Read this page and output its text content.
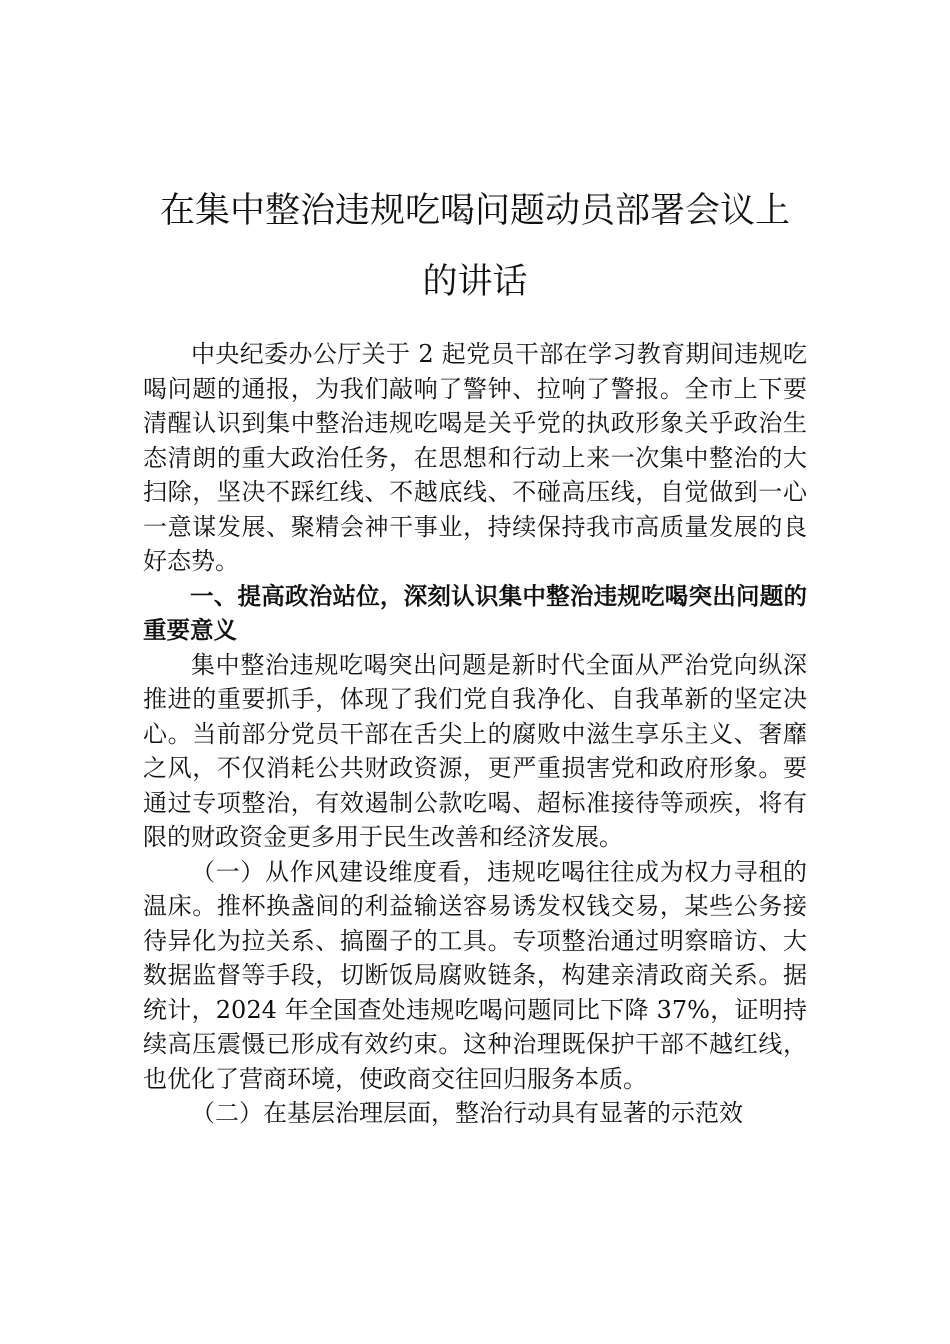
在集中整治违规吃喝问题动员部署会议上
的讲话

中央纪委办公厅关于 2 起党员干部在学习教育期间违规吃喝问题的通报，为我们敲响了警钟、拉响了警报。全市上下要清醒认识到集中整治违规吃喝是关乎党的执政形象关乎政治生态清朗的重大政治任务，在思想和行动上来一次集中整治的大扫除，坚决不踩红线、不越底线、不碰高压线，自觉做到一心一意谋发展、聚精会神干事业，持续保持我市高质量发展的良好态势。

一、提高政治站位，深刻认识集中整治违规吃喝突出问题的重要意义

集中整治违规吃喝突出问题是新时代全面从严治党向纵深推进的重要抓手，体现了我们党自我净化、自我革新的坚定决心。当前部分党员干部在舌尖上的腐败中滋生享乐主义、奢靡之风，不仅消耗公共财政资源，更严重损害党和政府形象。要通过专项整治，有效遏制公款吃喝、超标准接待等顽疾，将有限的财政资金更多用于民生改善和经济发展。

（一）从作风建设维度看，违规吃喝往往成为权力寻租的温床。推杯换盏间的利益输送容易诱发权钱交易，某些公务接待异化为拉关系、搞圈子的工具。专项整治通过明察暗访、大数据监督等手段，切断饭局腐败链条，构建亲清政商关系。据统计，2024 年全国查处违规吃喝问题同比下降 37%，证明持续高压震慑已形成有效约束。这种治理既保护干部不越红线，也优化了营商环境，使政商交往回归服务本质。

（二）在基层治理层面，整治行动具有显著的示范效
